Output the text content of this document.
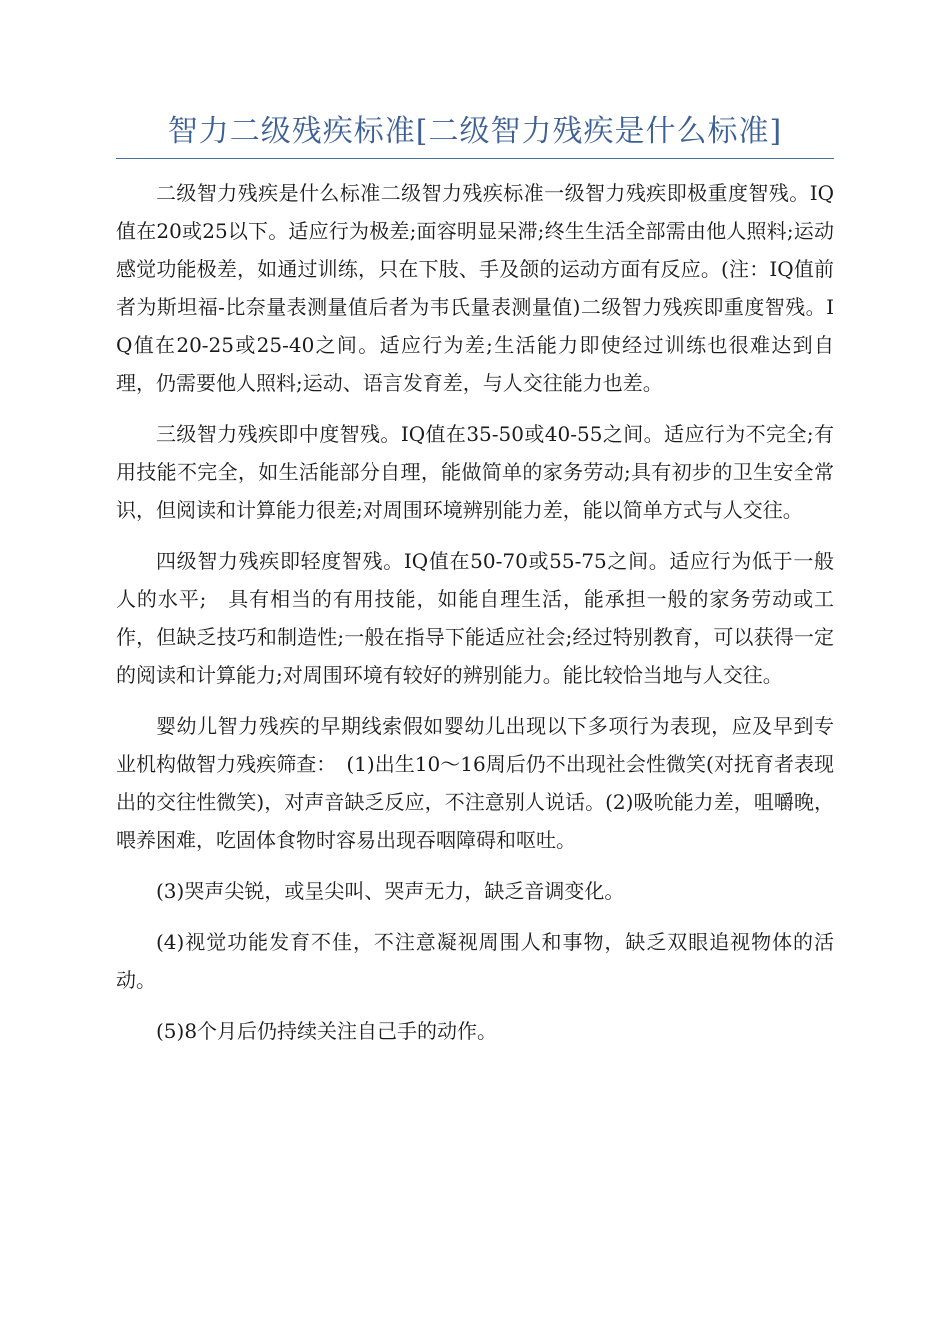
智力二级残疾标准[二级智力残疾是什么标准]

二级智力残疾是什么标准二级智力残疾标准一级智力残疾即极重度智残。IQ值在20或25以下。适应行为极差;面容明显呆滞;终生生活全部需由他人照料;运动感觉功能极差，如通过训练，只在下肢、手及颌的运动方面有反应。(注：IQ值前者为斯坦福-比奈量表测量值后者为韦氏量表测量值)二级智力残疾即重度智残。IQ值在20-25或25-40之间。适应行为差;生活能力即使经过训练也很难达到自理，仍需要他人照料;运动、语言发育差，与人交往能力也差。

三级智力残疾即中度智残。IQ值在35-50或40-55之间。适应行为不完全;有用技能不完全，如生活能部分自理，能做简单的家务劳动;具有初步的卫生安全常识，但阅读和计算能力很差;对周围环境辨别能力差，能以简单方式与人交往。

四级智力残疾即轻度智残。IQ值在50-70或55-75之间。适应行为低于一般人的水平;　具有相当的有用技能，如能自理生活，能承担一般的家务劳动或工作，但缺乏技巧和制造性;一般在指导下能适应社会;经过特别教育，可以获得一定的阅读和计算能力;对周围环境有较好的辨别能力。能比较恰当地与人交往。

婴幼儿智力残疾的早期线索假如婴幼儿出现以下多项行为表现，应及早到专业机构做智力残疾筛查：　(1)出生10～16周后仍不出现社会性微笑(对抚育者表现出的交往性微笑)，对声音缺乏反应，不注意别人说话。(2)吸吮能力差，咀嚼晚，喂养困难，吃固体食物时容易出现吞咽障碍和呕吐。

(3)哭声尖锐，或呈尖叫、哭声无力，缺乏音调变化。

(4)视觉功能发育不佳，不注意凝视周围人和事物，缺乏双眼追视物体的活动。

(5)8个月后仍持续关注自己手的动作。
